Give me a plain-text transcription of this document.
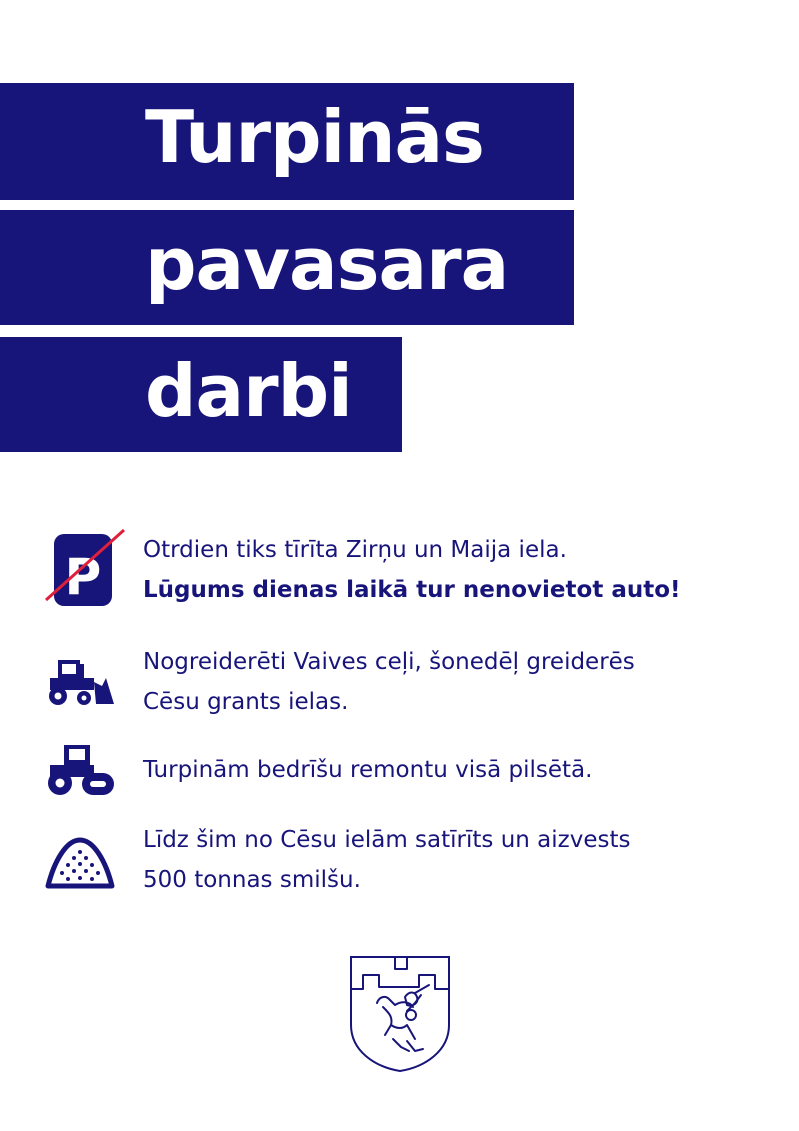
Turpinās
pavasara
darbi
P Otrdien tiks tīrīta Zirņu un Maija iela.
Lūgums dienas laikā tur nenovietot auto!
Nogreiderēti Vaives ceļi, šonedēļ greiderēs
Cēsu grants ielas.
Turpinām bedrīšu remontu visā pilsētā.
Līdz šim no Cēsu ielām satīrīts un aizvests
500 tonnas smilšu.
